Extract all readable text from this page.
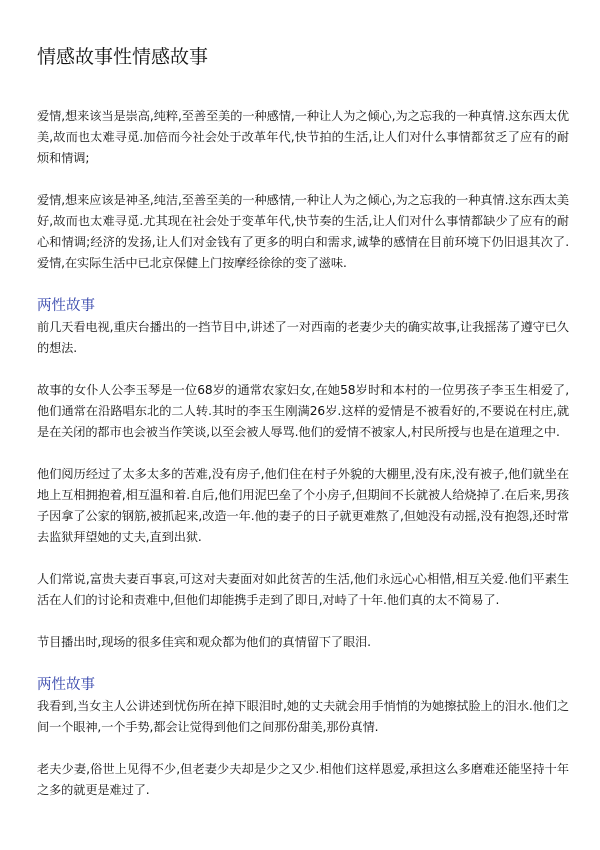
情感故事性情感故事

爱情,想来该当是崇高,纯粹,至善至美的一种感情,一种让人为之倾心,为之忘我的一种真情.这东西太优美,故而也太难寻觅.加倍而今社会处于改革年代,快节拍的生活,让人们对什么事情都贫乏了应有的耐烦和情调;

爱情,想来应该是神圣,纯洁,至善至美的一种感情,一种让人为之倾心,为之忘我的一种真情.这东西太美好,故而也太难寻觅.尤其现在社会处于变革年代,快节奏的生活,让人们对什么事情都缺少了应有的耐心和情调;经济的发扬,让人们对金钱有了更多的明白和需求,诚挚的感情在目前环境下仍旧退其次了.爱情,在实际生活中已北京保健上门按摩经徐徐的变了滋味.

两性故事

前几天看电视,重庆台播出的一挡节目中,讲述了一对西南的老妻少夫的确实故事,让我摇荡了遵守已久的想法.

故事的女仆人公李玉琴是一位68岁的通常农家妇女,在她58岁时和本村的一位男孩子李玉生相爱了,他们通常在沿路唱东北的二人转.其时的李玉生刚满26岁.这样的爱情是不被看好的,不要说在村庄,就是在关闭的都市也会被当作笑谈,以至会被人辱骂.他们的爱情不被家人,村民所授与也是在道理之中.

他们阅历经过了太多太多的苦难,没有房子,他们住在村子外貌的大棚里,没有床,没有被子,他们就坐在地上互相拥抱着,相互温和着.自后,他们用泥巴垒了个小房子,但期间不长就被人给烧掉了.在后来,男孩子因拿了公家的钢筋,被抓起来,改造一年.他的妻子的日子就更难熬了,但她没有动摇,没有抱怨,还时常去监狱拜望她的丈夫,直到出狱.

人们常说,富贵夫妻百事哀,可这对夫妻面对如此贫苦的生活,他们永远心心相惜,相互关爱.他们平素生活在人们的讨论和责难中,但他们却能携手走到了即日,对峙了十年.他们真的太不简易了.

节目播出时,现场的很多佳宾和观众都为他们的真情留下了眼泪.

两性故事

我看到,当女主人公讲述到忧伤所在掉下眼泪时,她的丈夫就会用手悄悄的为她擦拭脸上的泪水.他们之间一个眼神,一个手势,都会让觉得到他们之间那份甜美,那份真情.

老夫少妻,俗世上见得不少,但老妻少夫却是少之又少.相他们这样恩爱,承担这么多磨难还能坚持十年之多的就更是难过了.
